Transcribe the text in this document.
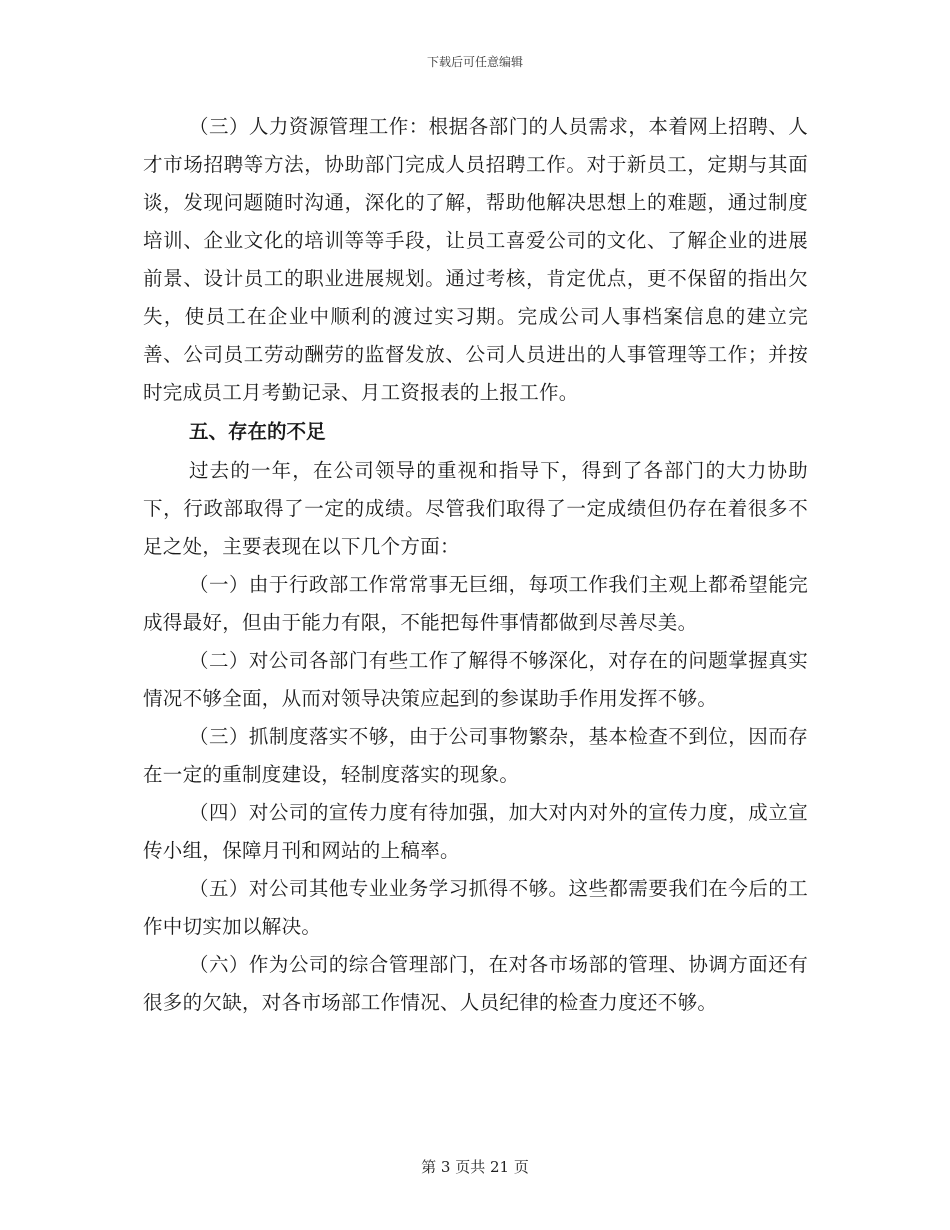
下载后可任意编辑

（三）人力资源管理工作：根据各部门的人员需求，本着网上招聘、人才市场招聘等方法，协助部门完成人员招聘工作。对于新员工，定期与其面谈，发现问题随时沟通，深化的了解，帮助他解决思想上的难题，通过制度培训、企业文化的培训等等手段，让员工喜爱公司的文化、了解企业的进展前景、设计员工的职业进展规划。通过考核，肯定优点，更不保留的指出欠失，使员工在企业中顺利的渡过实习期。完成公司人事档案信息的建立完善、公司员工劳动酬劳的监督发放、公司人员进出的人事管理等工作；并按时完成员工月考勤记录、月工资报表的上报工作。

五、存在的不足

过去的一年，在公司领导的重视和指导下，得到了各部门的大力协助下，行政部取得了一定的成绩。尽管我们取得了一定成绩但仍存在着很多不足之处，主要表现在以下几个方面：

（一）由于行政部工作常常事无巨细，每项工作我们主观上都希望能完成得最好，但由于能力有限，不能把每件事情都做到尽善尽美。

（二）对公司各部门有些工作了解得不够深化，对存在的问题掌握真实情况不够全面，从而对领导决策应起到的参谋助手作用发挥不够。

（三）抓制度落实不够，由于公司事物繁杂，基本检查不到位，因而存在一定的重制度建设，轻制度落实的现象。

（四）对公司的宣传力度有待加强，加大对内对外的宣传力度，成立宣传小组，保障月刊和网站的上稿率。

（五）对公司其他专业业务学习抓得不够。这些都需要我们在今后的工作中切实加以解决。

（六）作为公司的综合管理部门，在对各市场部的管理、协调方面还有很多的欠缺，对各市场部工作情况、人员纪律的检查力度还不够。

第 3 页共 21 页
